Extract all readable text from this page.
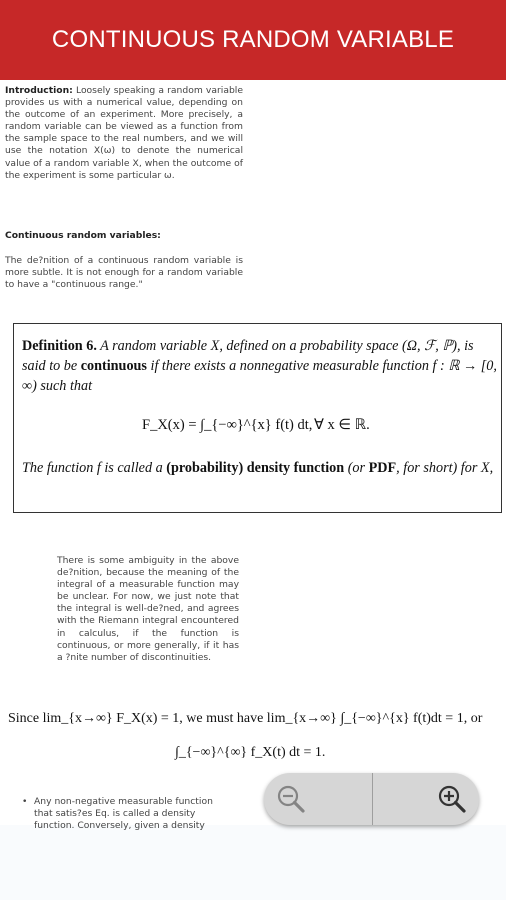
CONTINUOUS RANDOM VARIABLE
Introduction: Loosely speaking a random variable provides us with a numerical value, depending on the outcome of an experiment. More precisely, a random variable can be viewed as a function from the sample space to the real numbers, and we will use the notation X(ω) to denote the numerical value of a random variable X, when the outcome of the experiment is some particular ω.
Continuous random variables:
The de?nition of a continuous random variable is more subtle. It is not enough for a random variable to have a "continuous range."
Definition 6. A random variable X, defined on a probability space (Ω, ℱ, ℙ), is said to be continuous if there exists a nonnegative measurable function f : ℝ → [0, ∞) such that
F_X(x) = ∫_{−∞}^{x} f(t) dt, ∀ x ∈ ℝ.
The function f is called a (probability) density function (or PDF, for short) for X,
There is some ambiguity in the above de?nition, because the meaning of the integral of a measurable function may be unclear. For now, we just note that the integral is well-de?ned, and agrees with the Riemann integral encountered in calculus, if the function is continuous, or more generally, if it has a ?nite number of discontinuities.
Since lim_{x→∞} F_X(x) = 1, we must have lim_{x→∞} ∫_{−∞}^{x} f(t)dt = 1, or
∫_{−∞}^{∞} f_X(t) dt = 1.
• Any non-negative measurable function that satis?es Eq. is called a density function. Conversely, given a density
